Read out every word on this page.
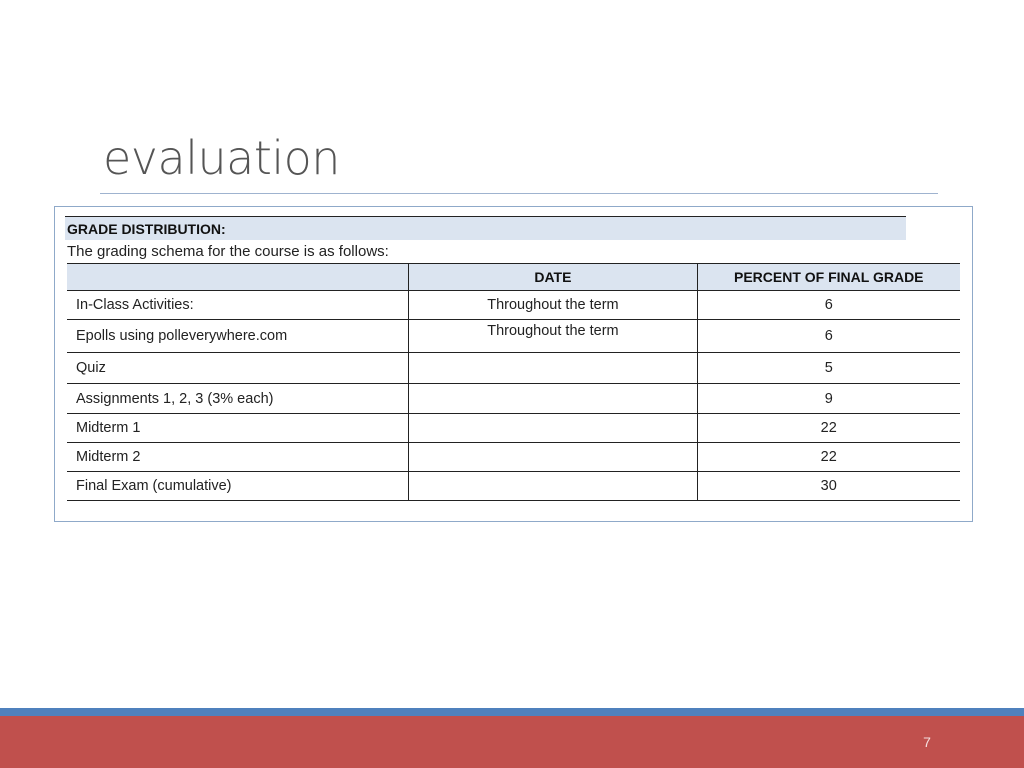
evaluation
GRADE DISTRIBUTION:
The grading schema for the course is as follows:
	DATE	PERCENT OF FINAL GRADE
In-Class Activities:	Throughout the term	6
Epolls using polleverywhere.com	Throughout the term	6
Quiz		5
Assignments 1, 2, 3 (3% each)		9
Midterm 1		22
Midterm 2		22
Final Exam (cumulative)		30
7
